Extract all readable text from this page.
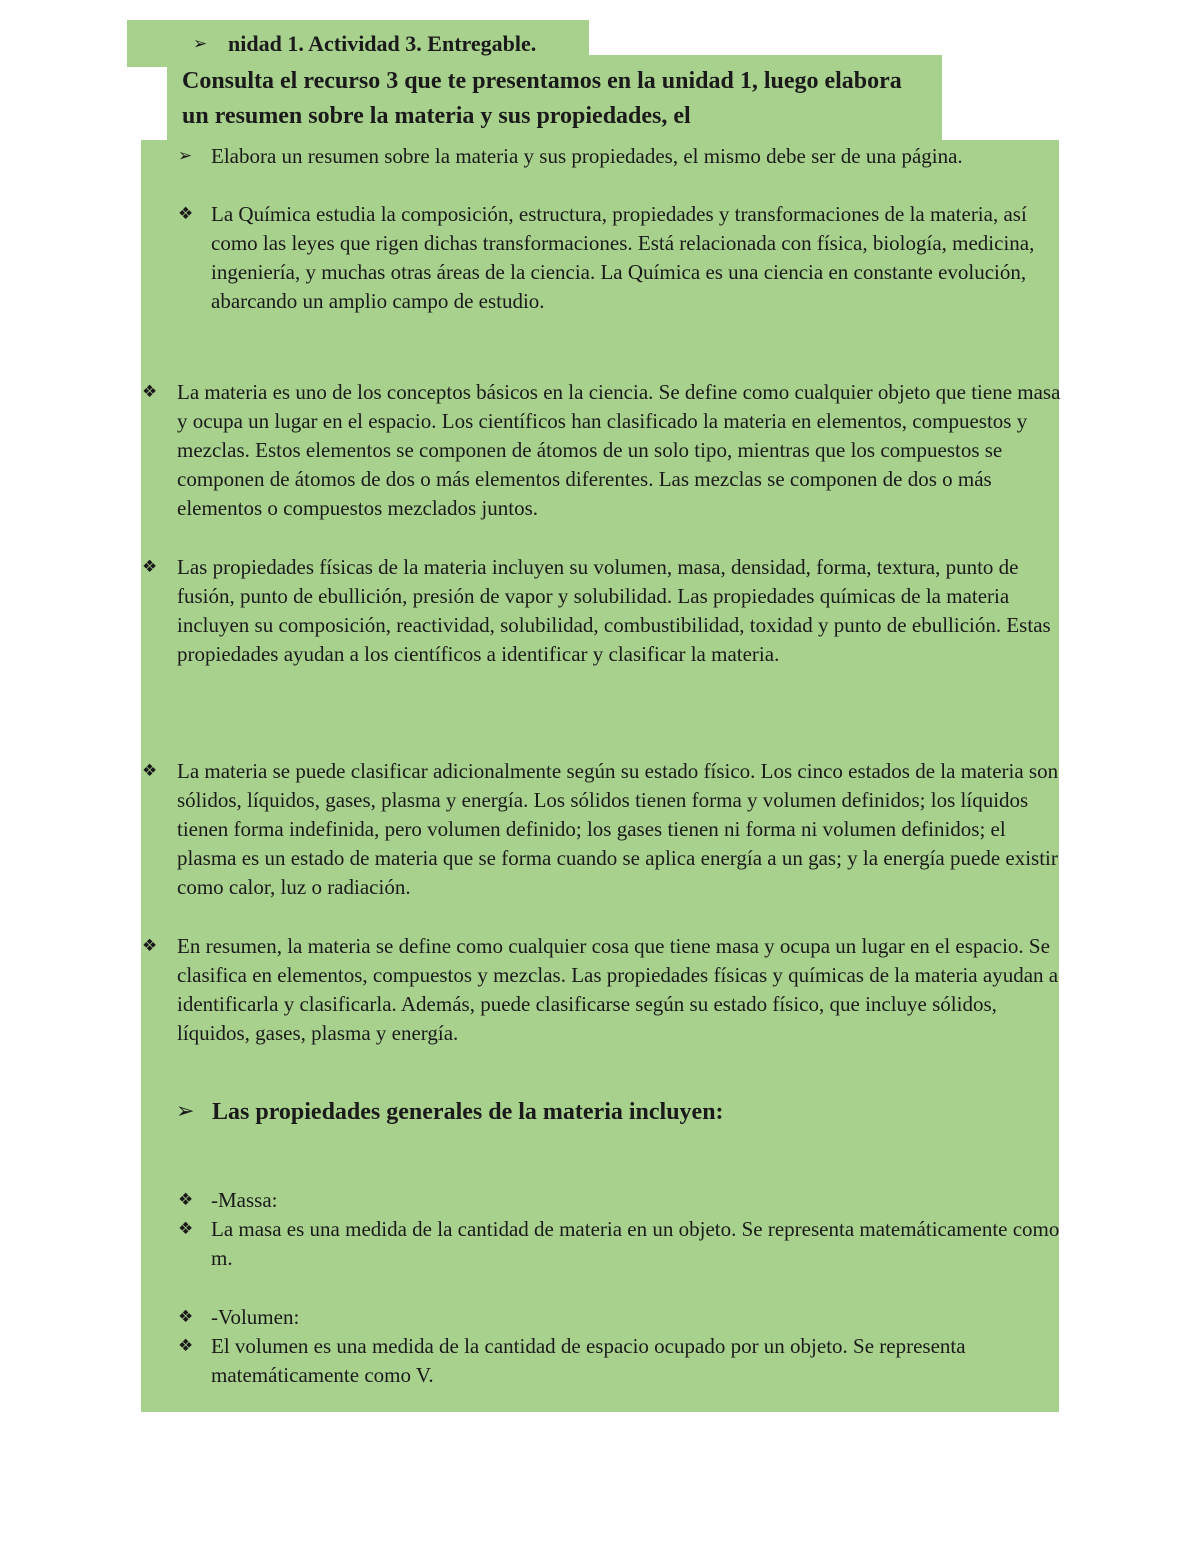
➢ nidad 1. Actividad 3. Entregable.
Consulta el recurso 3 que te presentamos en la unidad 1, luego elabora un resumen sobre la materia y sus propiedades, el
➢ Elabora un resumen sobre la materia y sus propiedades, el mismo debe ser de una página.
❖ La Química estudia la composición, estructura, propiedades y transformaciones de la materia, así como las leyes que rigen dichas transformaciones. Está relacionada con física, biología, medicina, ingeniería, y muchas otras áreas de la ciencia. La Química es una ciencia en constante evolución, abarcando un amplio campo de estudio.
❖ La materia es uno de los conceptos básicos en la ciencia. Se define como cualquier objeto que tiene masa y ocupa un lugar en el espacio. Los científicos han clasificado la materia en elementos, compuestos y mezclas. Estos elementos se componen de átomos de un solo tipo, mientras que los compuestos se componen de átomos de dos o más elementos diferentes. Las mezclas se componen de dos o más elementos o compuestos mezclados juntos.
❖ Las propiedades físicas de la materia incluyen su volumen, masa, densidad, forma, textura, punto de fusión, punto de ebullición, presión de vapor y solubilidad. Las propiedades químicas de la materia incluyen su composición, reactividad, solubilidad, combustibilidad, toxidad y punto de ebullición. Estas propiedades ayudan a los científicos a identificar y clasificar la materia.
❖ La materia se puede clasificar adicionalmente según su estado físico. Los cinco estados de la materia son sólidos, líquidos, gases, plasma y energía. Los sólidos tienen forma y volumen definidos; los líquidos tienen forma indefinida, pero volumen definido; los gases tienen ni forma ni volumen definidos; el plasma es un estado de materia que se forma cuando se aplica energía a un gas; y la energía puede existir como calor, luz o radiación.
❖ En resumen, la materia se define como cualquier cosa que tiene masa y ocupa un lugar en el espacio. Se clasifica en elementos, compuestos y mezclas. Las propiedades físicas y químicas de la materia ayudan a identificarla y clasificarla. Además, puede clasificarse según su estado físico, que incluye sólidos, líquidos, gases, plasma y energía.
➢ Las propiedades generales de la materia incluyen:
❖ -Massa:
❖ La masa es una medida de la cantidad de materia en un objeto. Se representa matemáticamente como m.
❖ -Volumen:
❖ El volumen es una medida de la cantidad de espacio ocupado por un objeto. Se representa matemáticamente como V.
